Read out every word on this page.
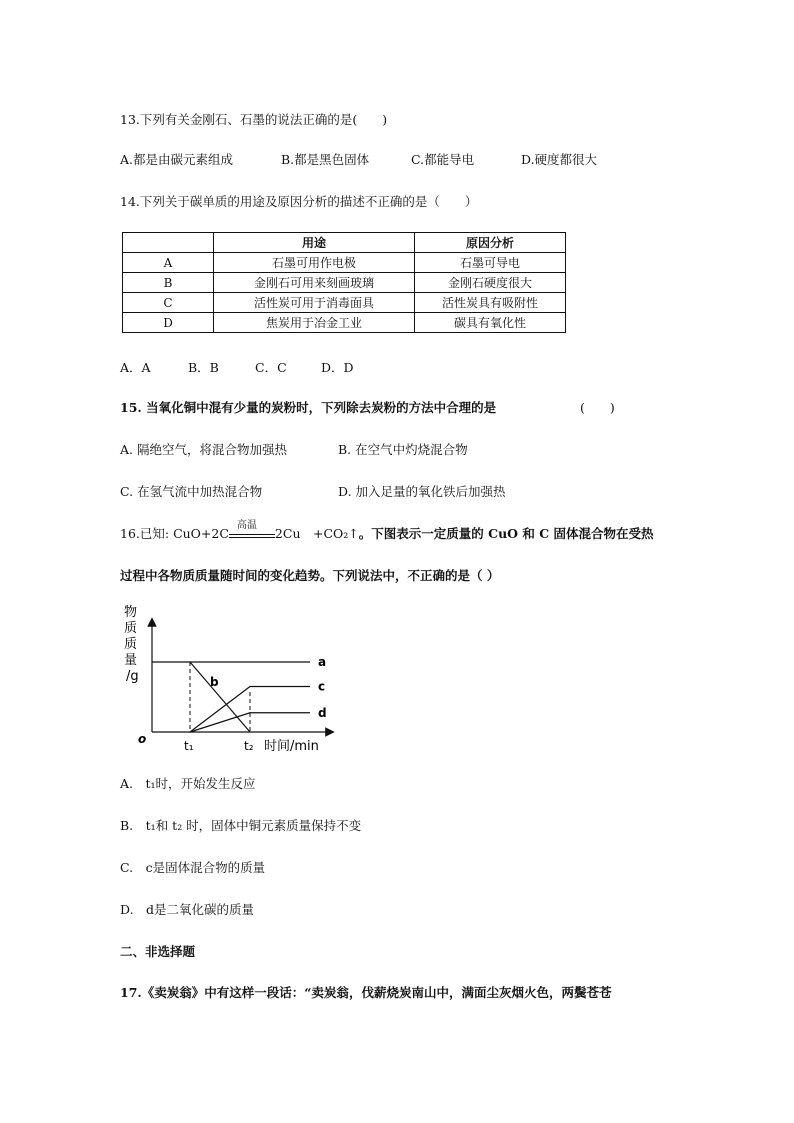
13.下列有关金刚石、石墨的说法正确的是(　　)
A.都是由碳元素组成	B.都是黑色固体	C.都能导电	D.硬度都很大
14.下列关于碳单质的用途及原因分析的描述不正确的是（　　）
	用途	原因分析
A	石墨可用作电极	石墨可导电
B	金刚石可用来刻画玻璃	金刚石硬度很大
C	活性炭可用于消毒面具	活性炭具有吸附性
D	焦炭用于冶金工业	碳具有氧化性
A．A	B．B	C．C	D．D
15. 当氧化铜中混有少量的炭粉时，下列除去炭粉的方法中合理的是	(　　)
A. 隔绝空气，将混合物加强热	B. 在空气中灼烧混合物
C. 在氢气流中加热混合物	D. 加入足量的氧化铁后加强热
16.已知: CuO+2C
高温
2Cu　+CO₂↑。下图表示一定质量的 CuO 和 C 固体混合物在受热
过程中各物质质量随时间的变化趋势。下列说法中，不正确的是（ ）
物
质
质
量
/g
o
a
b	c
d
t₁	t₂ 时间/min
A.　t₁时，开始发生反应
B.　t₁和 t₂ 时，固体中铜元素质量保持不变
C.　c是固体混合物的质量
D.　d是二氧化碳的质量
二、非选择题
17.《卖炭翁》中有这样一段话：“卖炭翁，伐薪烧炭南山中，满面尘灰烟火色，两鬓苍苍
